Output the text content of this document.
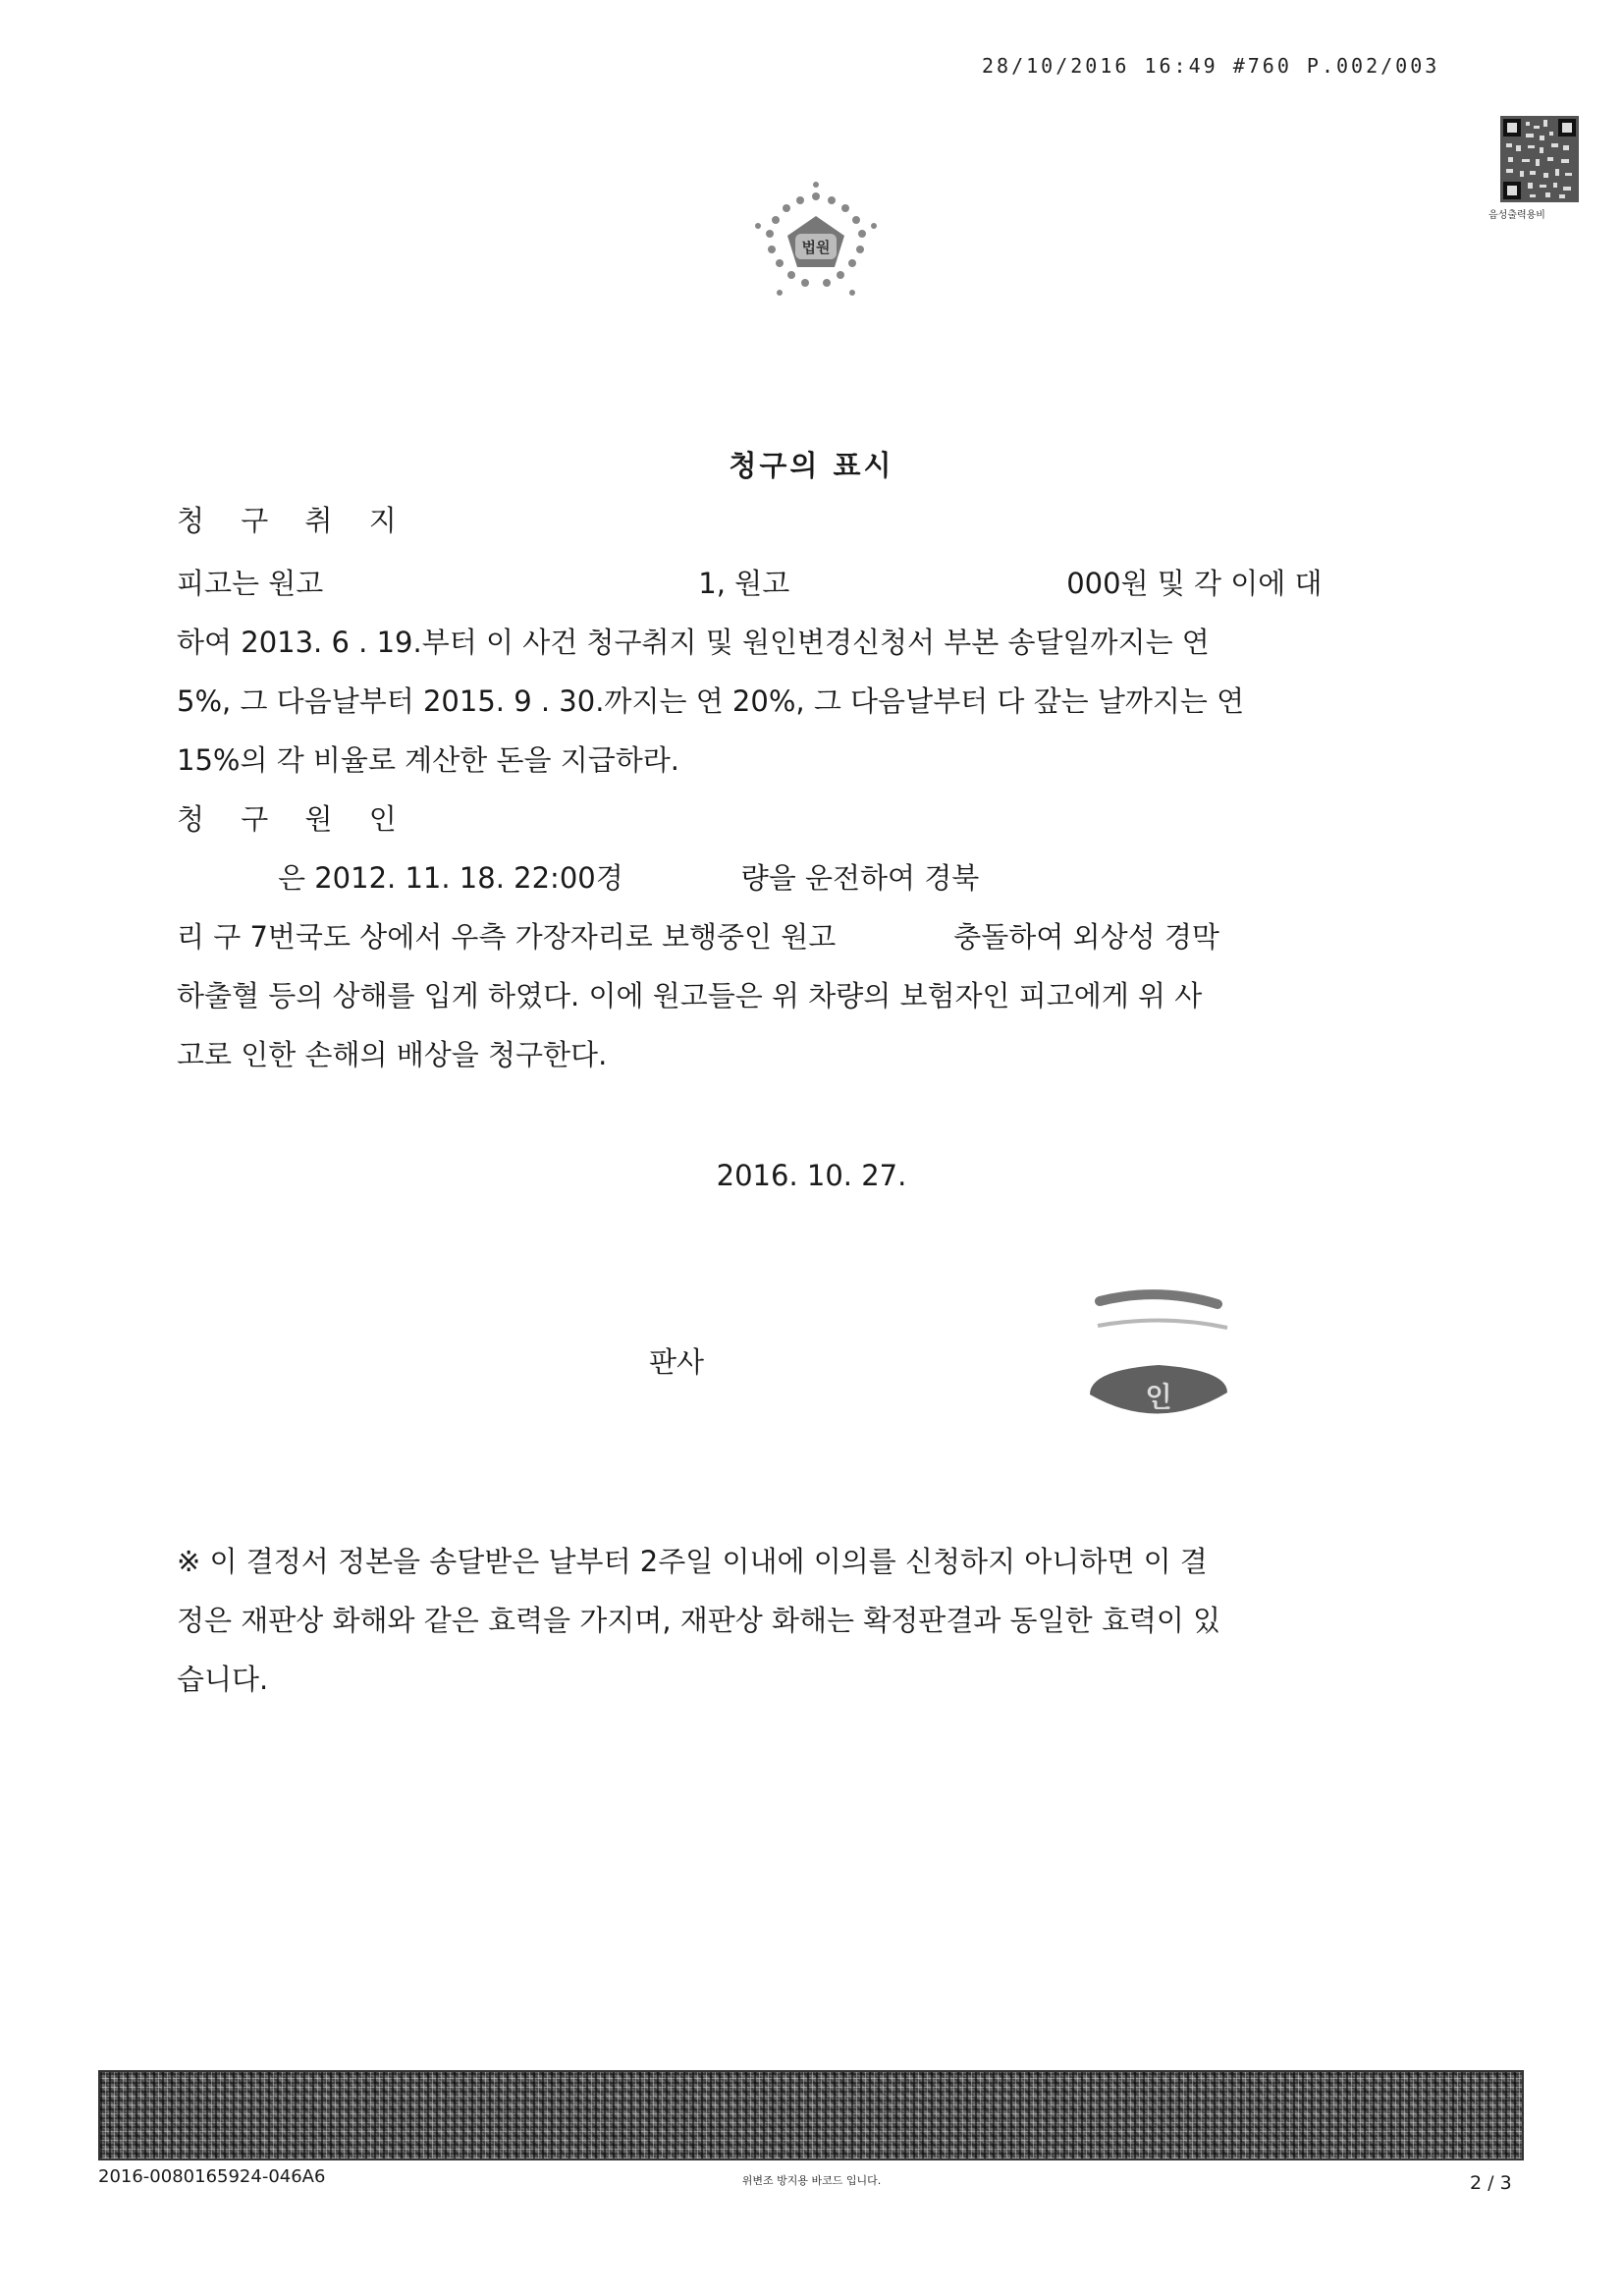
28/10/2016 16:49 #760 P.002/003
음성출력용비
법원
청구의 표시
청 구 취 지
피고는 원고	1, 원고	000원 및 각 이에 대
하여 2013. 6 . 19.부터 이 사건 청구취지 및 원인변경신청서 부본 송달일까지는 연
5%, 그 다음날부터 2015. 9 . 30.까지는 연 20%, 그 다음날부터 다 갚는 날까지는 연
15%의 각 비율로 계산한 돈을 지급하라.
청 구 원 인
은 2012. 11. 18. 22:00경	량을 운전하여 경북
리 구 7번국도 상에서 우측 가장자리로 보행중인 원고	충돌하여 외상성 경막
하출혈 등의 상해를 입게 하였다. 이에 원고들은 위 차량의 보험자인 피고에게 위 사
고로 인한 손해의 배상을 청구한다.
2016. 10. 27.
판사
인
※ 이 결정서 정본을 송달받은 날부터 2주일 이내에 이의를 신청하지 아니하면 이 결
정은 재판상 화해와 같은 효력을 가지며, 재판상 화해는 확정판결과 동일한 효력이 있
습니다.
2016-0080165924-046A6	위변조 방지용 바코드 입니다.	2 / 3
